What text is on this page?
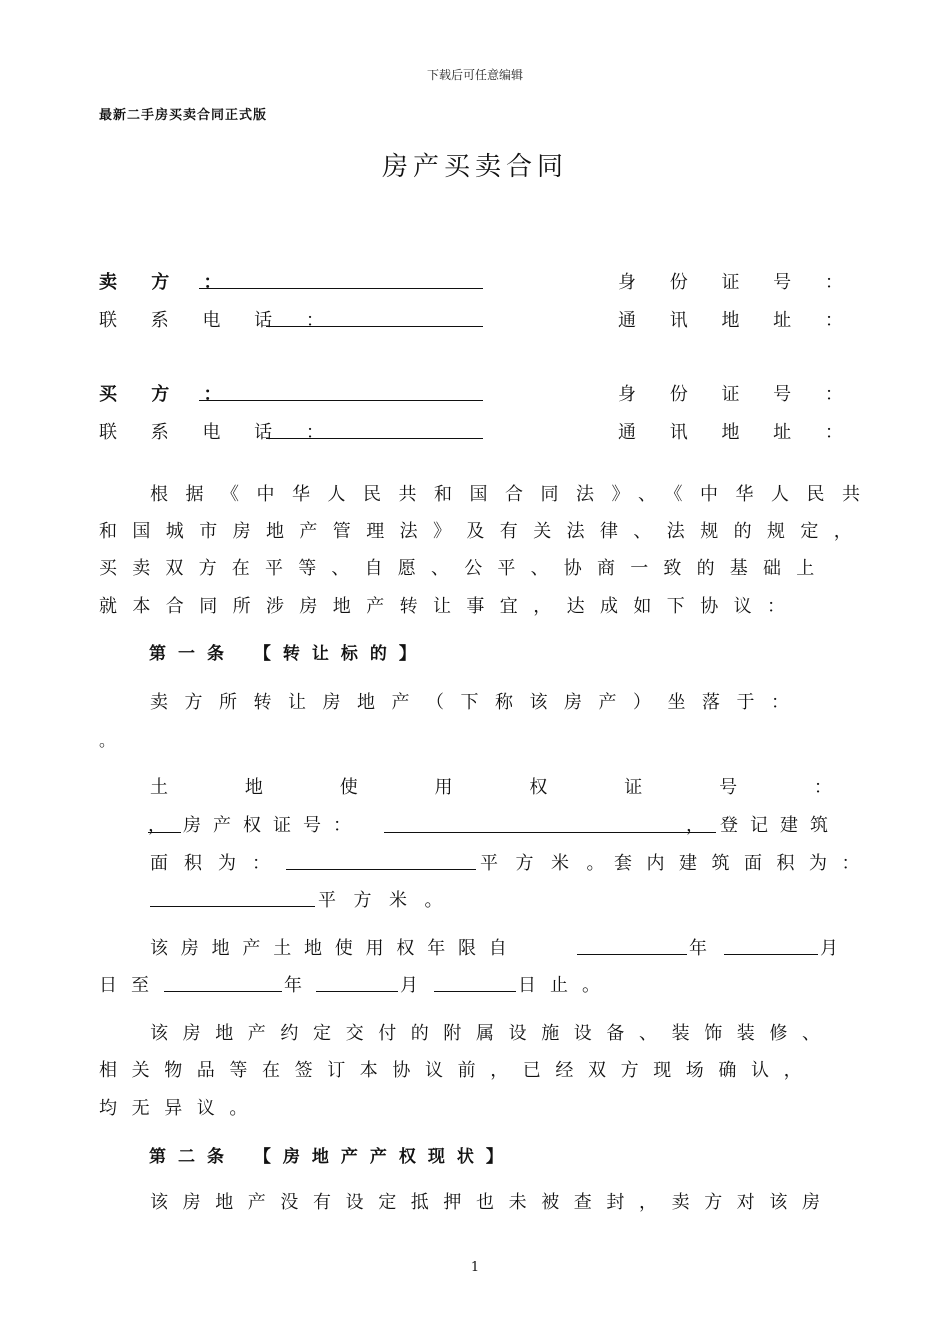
下载后可任意编辑
最新二手房买卖合同正式版
房产买卖合同
卖 方 ：	身 份 证 号 ：
联 系 电 话 ：	通 讯 地 址 ：
买 方 ：	身 份 证 号 ：
联 系 电 话 ：	通 讯 地 址 ：
根据《中华人民共和国合同法》、《中华人民共
和国城市房地产管理法》及有关法律、法规的规定，
买卖双方在平等、自愿、公平、协商一致的基础上
就本合同所涉房地产转让事宜，达成如下协议：
第一条 【转让标的】
卖方所转让房地产（下称该房产）坐落于：
。
土	地	使	用	权	证	号	：
， 房产权证号：	， 登记建筑
面积为：	平方米。
套内建筑面积为：
平方米。
该房地产土地使用权年限自	年	月
日至	年	月	日止。
该房地产约定交付的附属设施设备、装饰装修、
相关物品等在签订本协议前，已经双方现场确认，
均无异议。
第二条 【房地产产权现状】
该房地产没有设定抵押也未被查封，卖方对该房
1
